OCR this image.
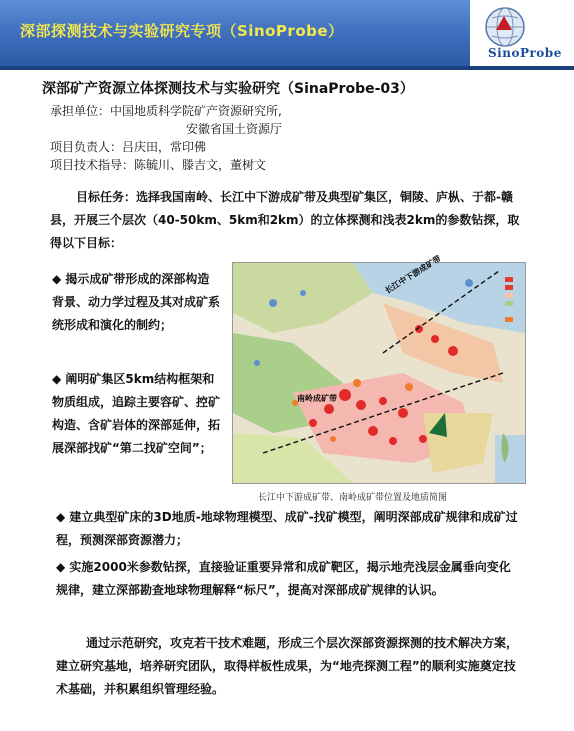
深部探测技术与实验研究专项（SinoProbe）
SinoProbe
深部矿产资源立体探测技术与实验研究（SinaProbe-03）
承担单位：中国地质科学院矿产资源研究所,
安徽省国土资源厅
项目负责人：吕庆田，常印佛
项目技术指导：陈毓川、滕吉文，董树文
目标任务：选择我国南岭、长江中下游成矿带及典型矿集区，铜陵、庐枞、于都-赣县，开展三个层次（40-50km、5km和2km）的立体探测和浅表2km的参数钻探，取得以下目标：
◆ 揭示成矿带形成的深部构造背景、动力学过程及其对成矿系统形成和演化的制约；
◆ 阐明矿集区5km结构框架和物质组成，追踪主要容矿、控矿构造、含矿岩体的深部延伸，拓展深部找矿“第二找矿空间”；
长江中下游成矿带
南岭成矿带
长江中下游成矿带、南岭成矿带位置及地质简图
◆ 建立典型矿床的3D地质-地球物理模型、成矿-找矿模型，阐明深部成矿规律和成矿过程，预测深部资源潜力；
◆ 实施2000米参数钻探，直接验证重要异常和成矿靶区，揭示地壳浅层金属垂向变化规律，建立深部勘查地球物理解释“标尺”，提高对深部成矿规律的认识。
通过示范研究，攻克若干技术难题，形成三个层次深部资源探测的技术解决方案，建立研究基地，培养研究团队，取得样板性成果，为“地壳探测工程”的顺利实施奠定技术基础，并积累组织管理经验。
